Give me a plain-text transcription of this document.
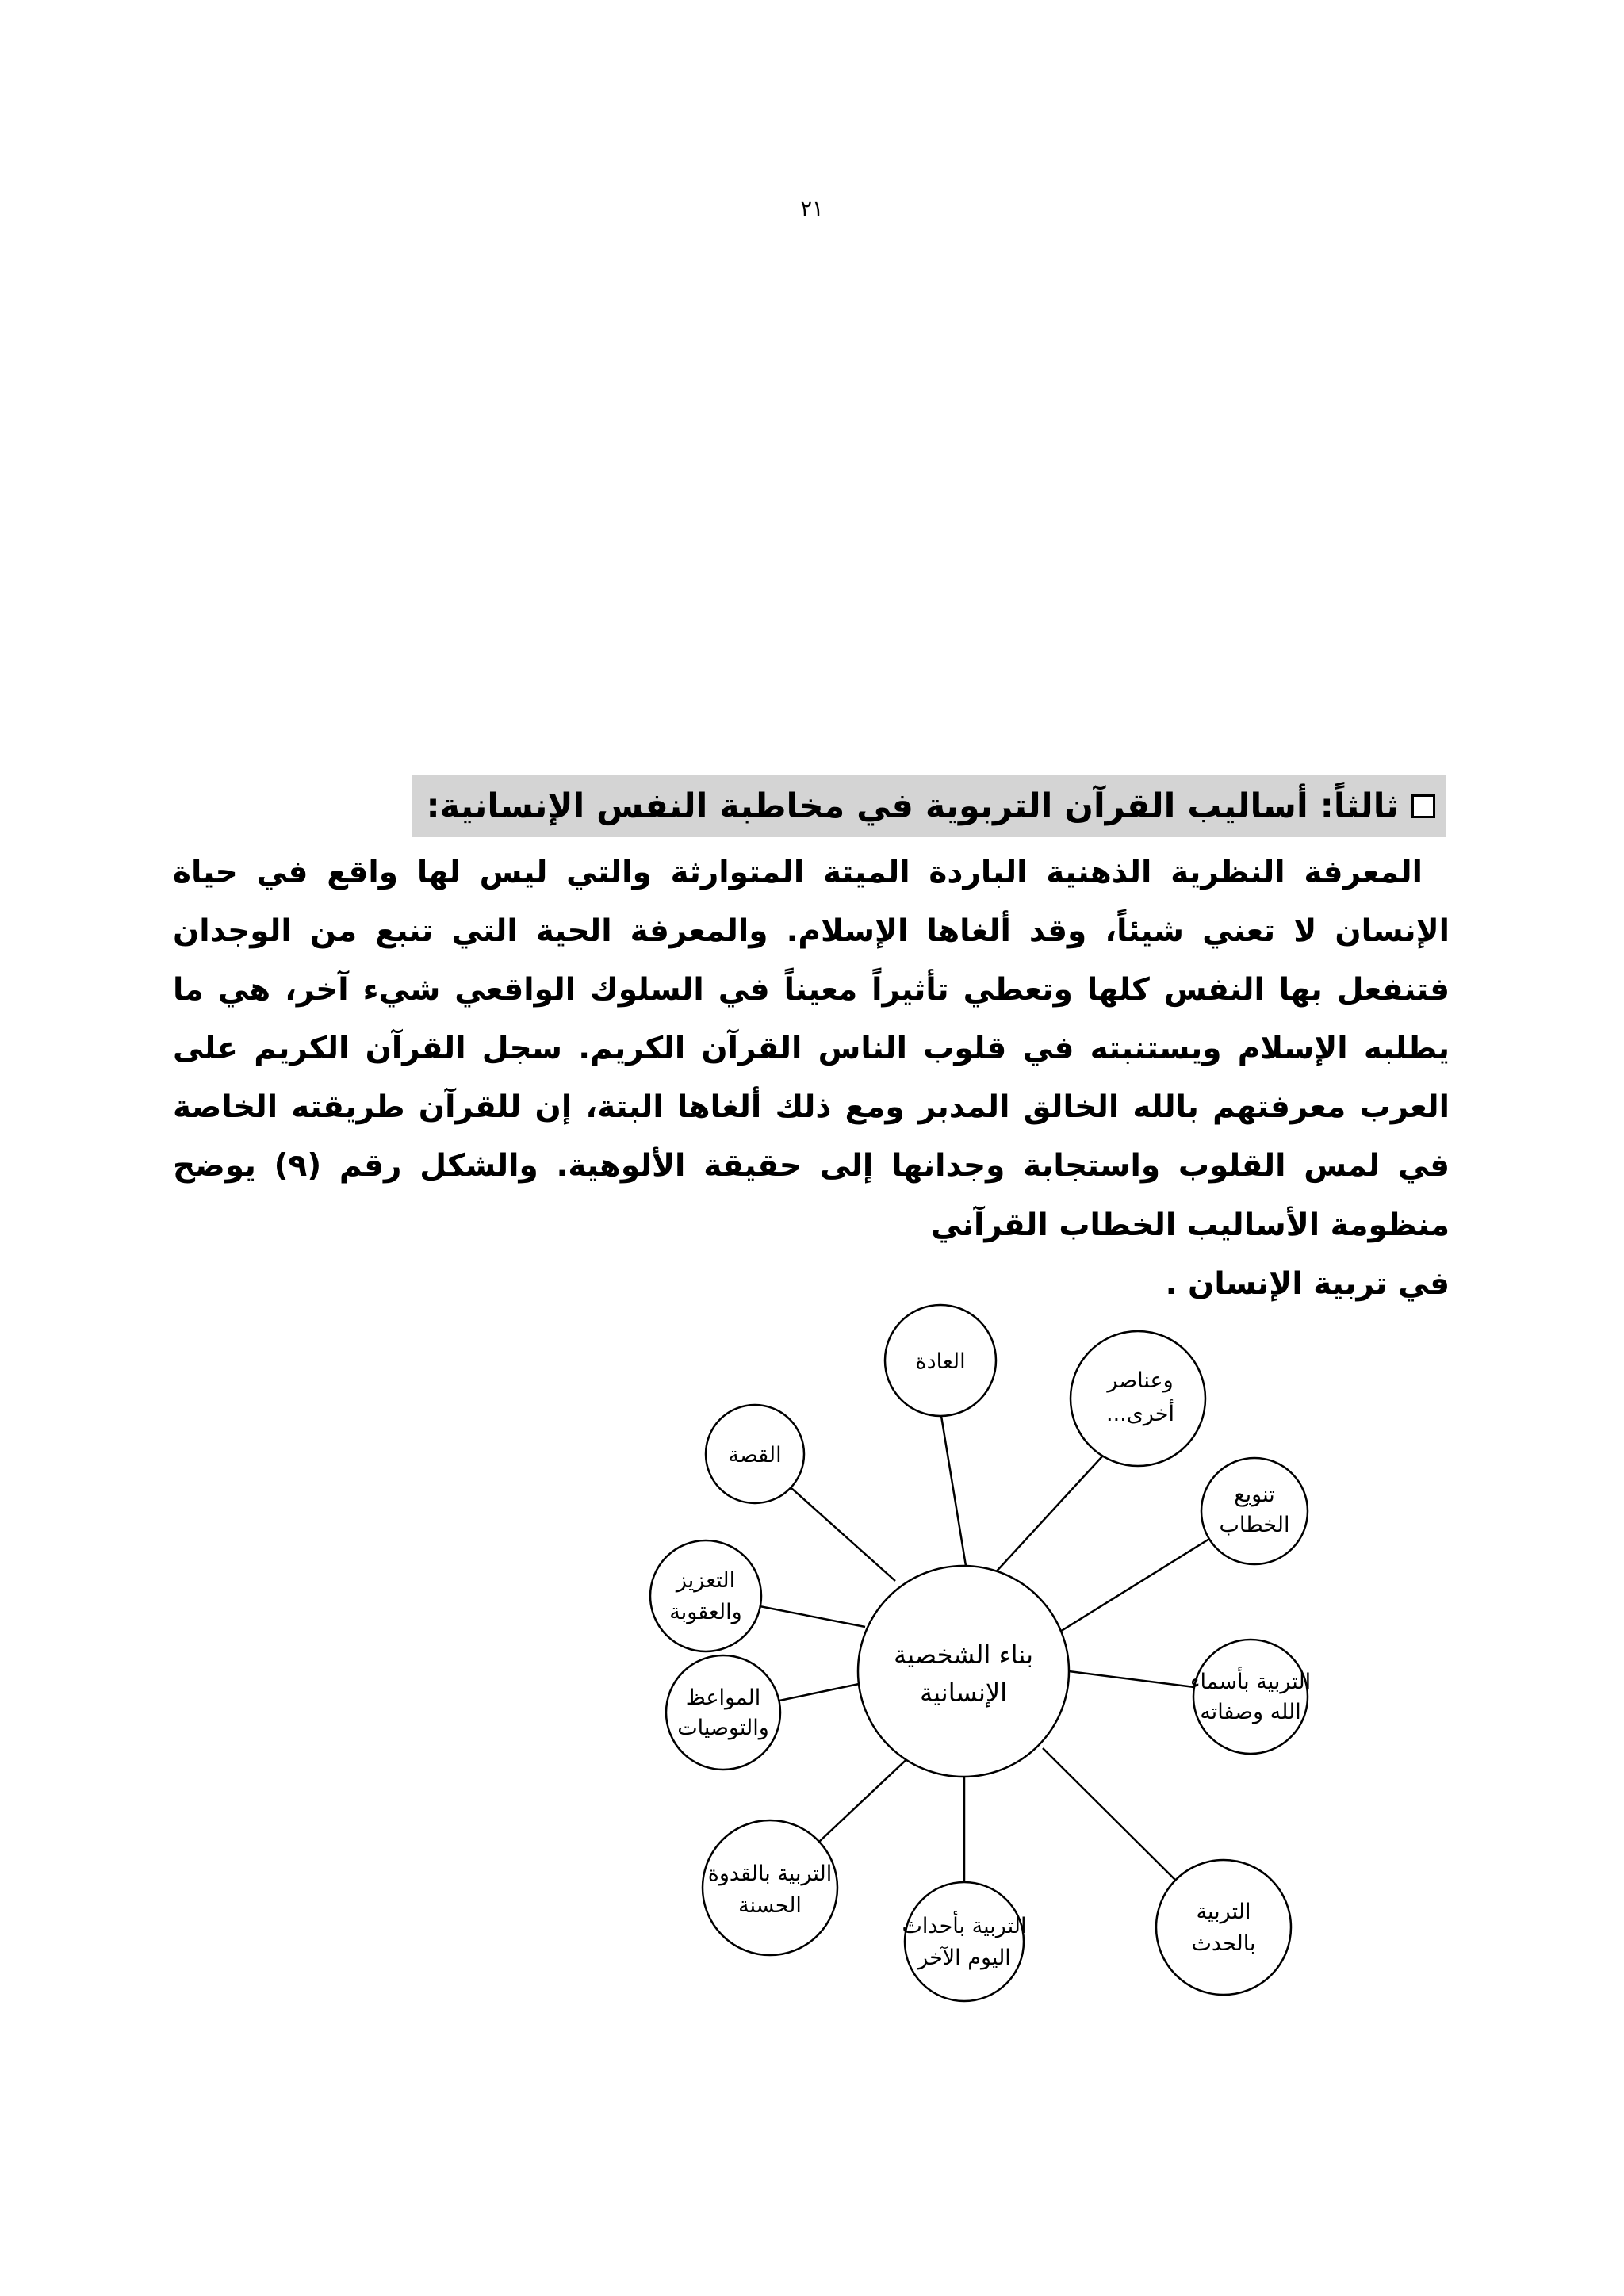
٢١
ثالثاً: أساليب القرآن التربوية في مخاطبة النفس الإنسانية:

المعرفة النظرية الذهنية الباردة الميتة المتوارثة والتي ليس لها واقع في حياة الإنسان لا تعني شيئاً، وقد ألغاها الإسلام. والمعرفة الحية التي تنبع من الوجدان فتنفعل بها النفس كلها وتعطي تأثيراً معيناً في السلوك الواقعي شيء آخر، هي ما يطلبه الإسلام ويستنبته في قلوب الناس القرآن الكريم. سجل القرآن الكريم على العرب معرفتهم بالله الخالق المدبر ومع ذلك ألغاها البتة، إن للقرآن طريقته الخاصة في لمس القلوب واستجابة وجدانها إلى حقيقة الألوهية. والشكل رقم (٩) يوضح منظومة الأساليب الخطاب القرآني

في تربية الإنسان .

بناء الشخصية
الإنسانية
العادة
وعناصر
أخرى...
تنويع
الخطاب
التربية بأسماء
الله وصفاته
التربية
بالحدث
التربية بأحداث
اليوم الآخر
التربية بالقدوة
الحسنة
المواعظ
والتوصيات
التعزيز
والعقوبة
القصة
